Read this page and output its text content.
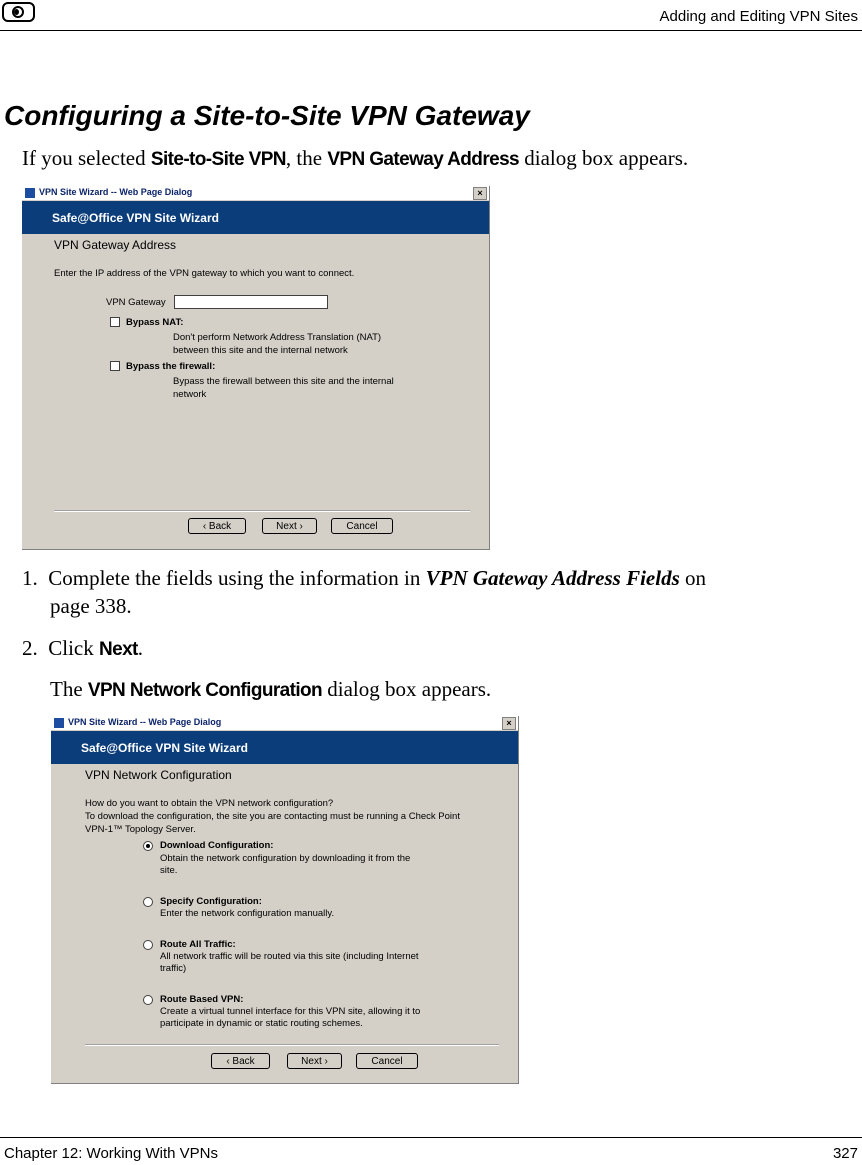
Adding and Editing VPN Sites
Configuring a Site-to-Site VPN Gateway
If you selected Site-to-Site VPN, the VPN Gateway Address dialog box appears.
VPN Site Wizard -- Web Page Dialog	×
Safe@Office VPN Site Wizard
VPN Gateway Address
Enter the IP address of the VPN gateway to which you want to connect.
VPN Gateway
Bypass NAT:
Don't perform Network Address Translation (NAT)
between this site and the internal network
Bypass the firewall:
Bypass the firewall between this site and the internal
network
‹ Back	Next ›	Cancel
1. Complete the fields using the information in VPN Gateway Address Fields on
page 338.
2. Click Next.
The VPN Network Configuration dialog box appears.
VPN Site Wizard -- Web Page Dialog	×
Safe@Office VPN Site Wizard
VPN Network Configuration
How do you want to obtain the VPN network configuration?
To download the configuration, the site you are contacting must be running a Check Point
VPN-1™ Topology Server.
Download Configuration:
Obtain the network configuration by downloading it from the
site.
Specify Configuration:
Enter the network configuration manually.
Route All Traffic:
All network traffic will be routed via this site (including Internet
traffic)
Route Based VPN:
Create a virtual tunnel interface for this VPN site, allowing it to
participate in dynamic or static routing schemes.
‹ Back	Next ›	Cancel
Chapter 12: Working With VPNs	327
